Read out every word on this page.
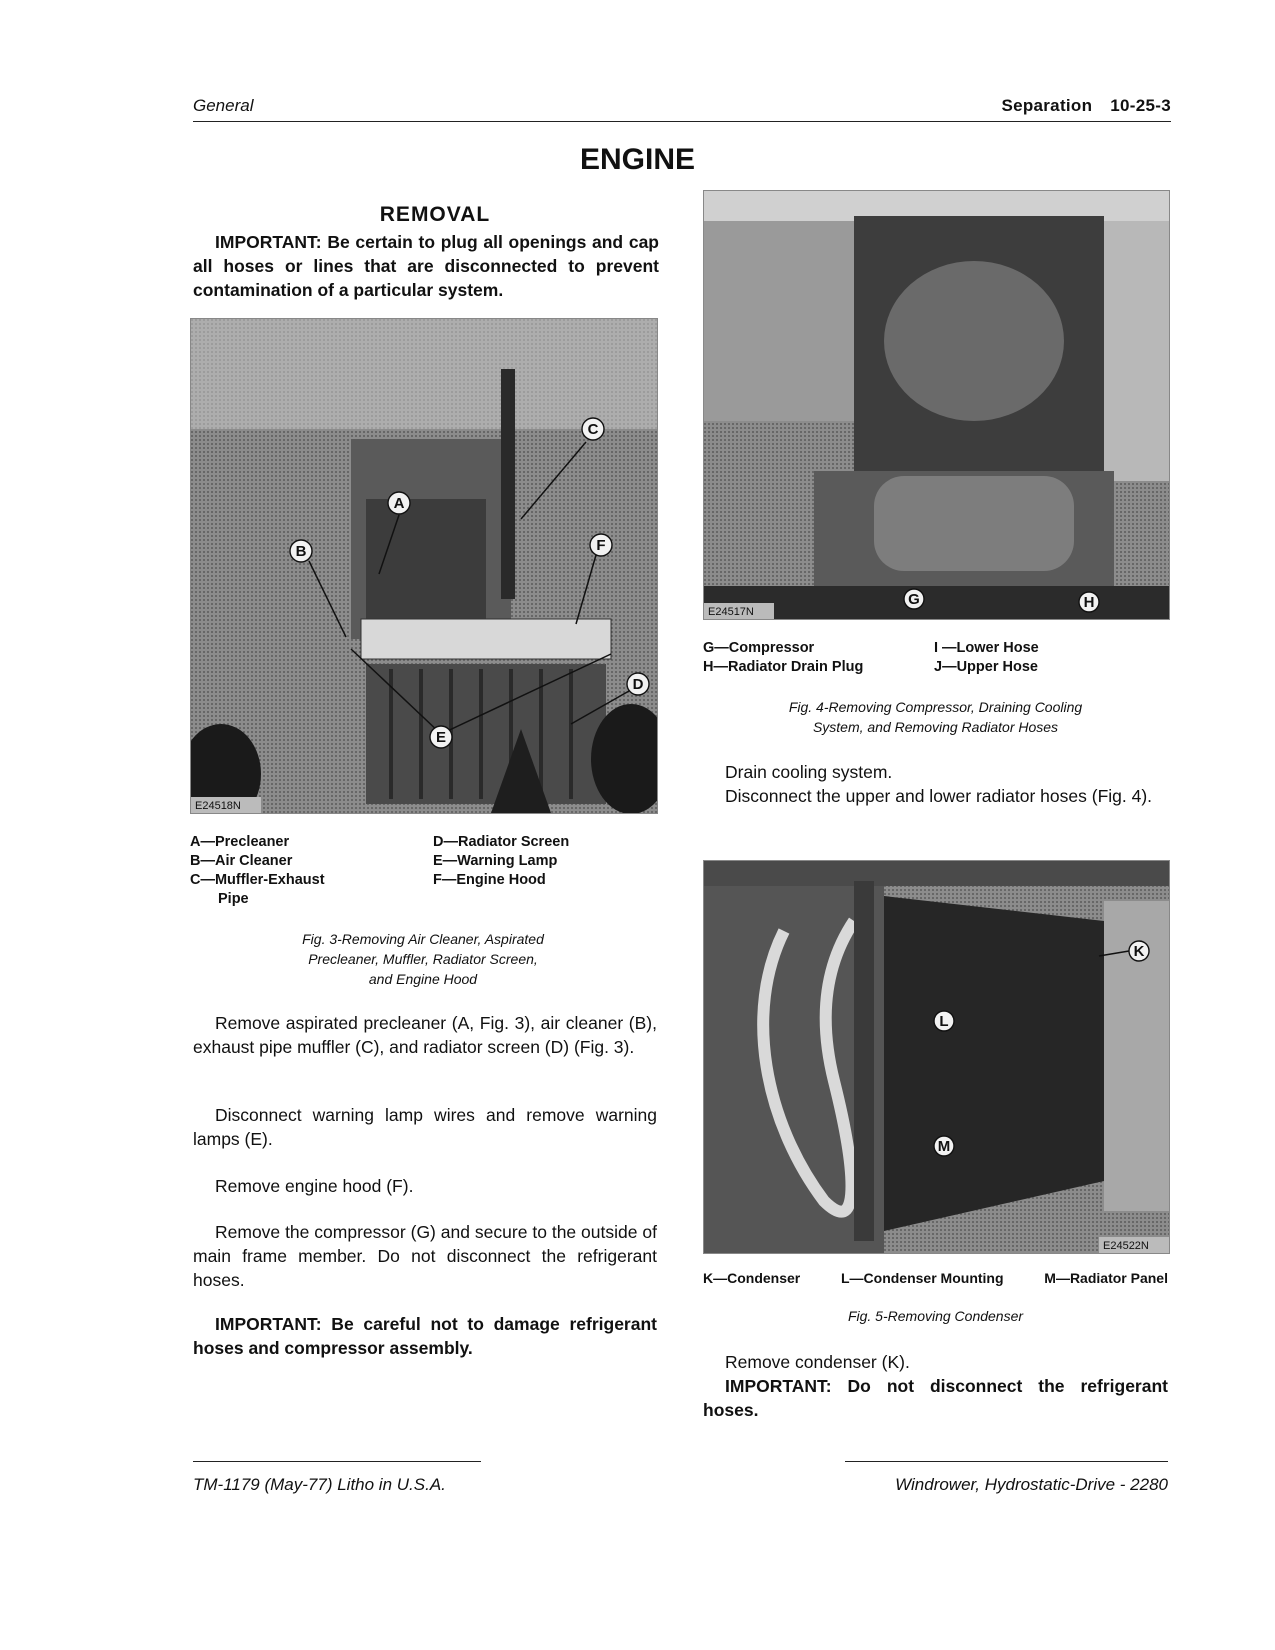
General	Separation 10-25-3
ENGINE
REMOVAL
IMPORTANT: Be certain to plug all openings and cap all hoses or lines that are disconnected to prevent contamination of a particular system.
A
B
C
D
E
F
E24518N
A—Precleaner
B—Air Cleaner
C—Muffler-Exhaust
Pipe
D—Radiator Screen
E—Warning Lamp
F—Engine Hood
Fig. 3-Removing Air Cleaner, Aspirated
Precleaner, Muffler, Radiator Screen,
and Engine Hood
Remove aspirated precleaner (A, Fig. 3), air cleaner (B), exhaust pipe muffler (C), and radiator screen (D) (Fig. 3).
Disconnect warning lamp wires and remove warning lamps (E).
Remove engine hood (F).
Remove the compressor (G) and secure to the outside of main frame member. Do not disconnect the refrigerant hoses.
IMPORTANT: Be careful not to damage refrigerant hoses and compressor assembly.
G	H
E24517N
G—Compressor
H—Radiator Drain Plug
I —Lower Hose
J—Upper Hose
Fig. 4-Removing Compressor, Draining Cooling
System, and Removing Radiator Hoses
Drain cooling system.
Disconnect the upper and lower radiator hoses (Fig. 4).
K
L
M
E24522N
K—Condenser	L—Condenser Mounting	M—Radiator Panel
Fig. 5-Removing Condenser
Remove condenser (K).
IMPORTANT: Do not disconnect the refrigerant hoses.
TM-1179 (May-77) Litho in U.S.A.	Windrower, Hydrostatic-Drive - 2280
